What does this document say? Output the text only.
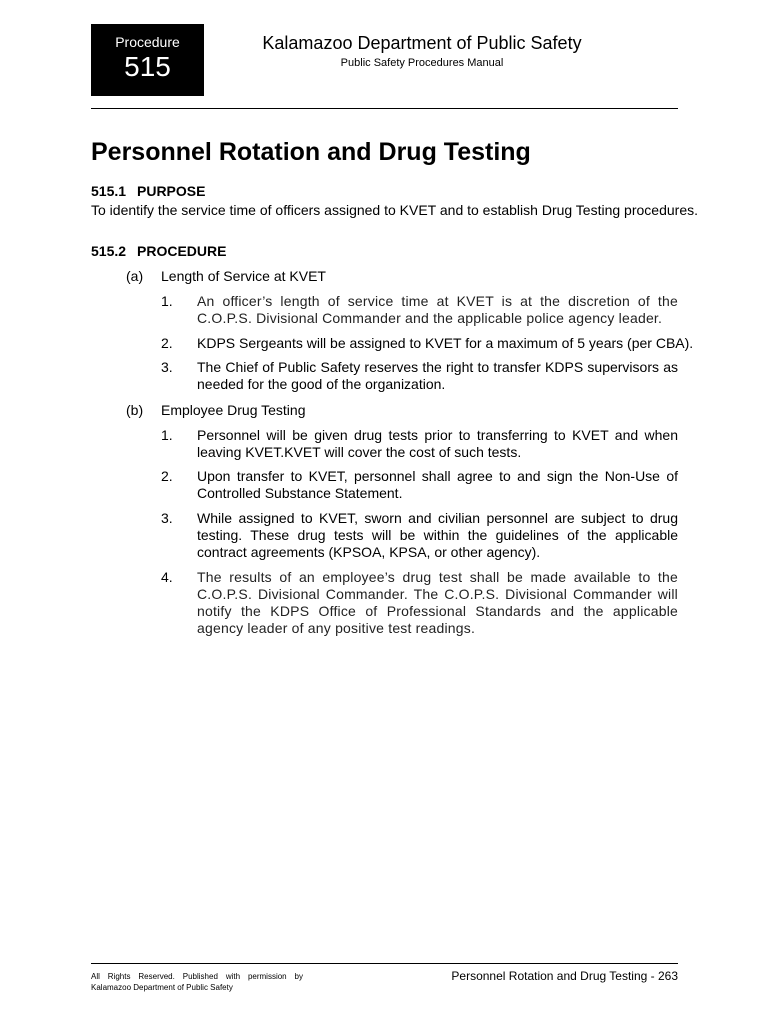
Procedure
515
Kalamazoo Department of Public Safety
Public Safety Procedures Manual
Personnel Rotation and Drug Testing
515.1 PURPOSE
To identify the service time of officers assigned to KVET and to establish Drug Testing procedures.
515.2 PROCEDURE
(a) Length of Service at KVET
1. An officer’s length of service time at KVET is at the discretion of the C.O.P.S. Divisional Commander and the applicable police agency leader.
2. KDPS Sergeants will be assigned to KVET for a maximum of 5 years (per CBA).
3. The Chief of Public Safety reserves the right to transfer KDPS supervisors as needed for the good of the organization.
(b) Employee Drug Testing
1. Personnel will be given drug tests prior to transferring to KVET and when leaving KVET.KVET will cover the cost of such tests.
2. Upon transfer to KVET, personnel shall agree to and sign the Non-Use of Controlled Substance Statement.
3. While assigned to KVET, sworn and civilian personnel are subject to drug testing. These drug tests will be within the guidelines of the applicable contract agreements (KPSOA, KPSA, or other agency).
4. The results of an employee’s drug test shall be made available to the C.O.P.S. Divisional Commander. The C.O.P.S. Divisional Commander will notify the KDPS Office of Professional Standards and the applicable agency leader of any positive test readings.
All Rights Reserved. Published with permission by Kalamazoo Department of Public Safety
Personnel Rotation and Drug Testing - 263
